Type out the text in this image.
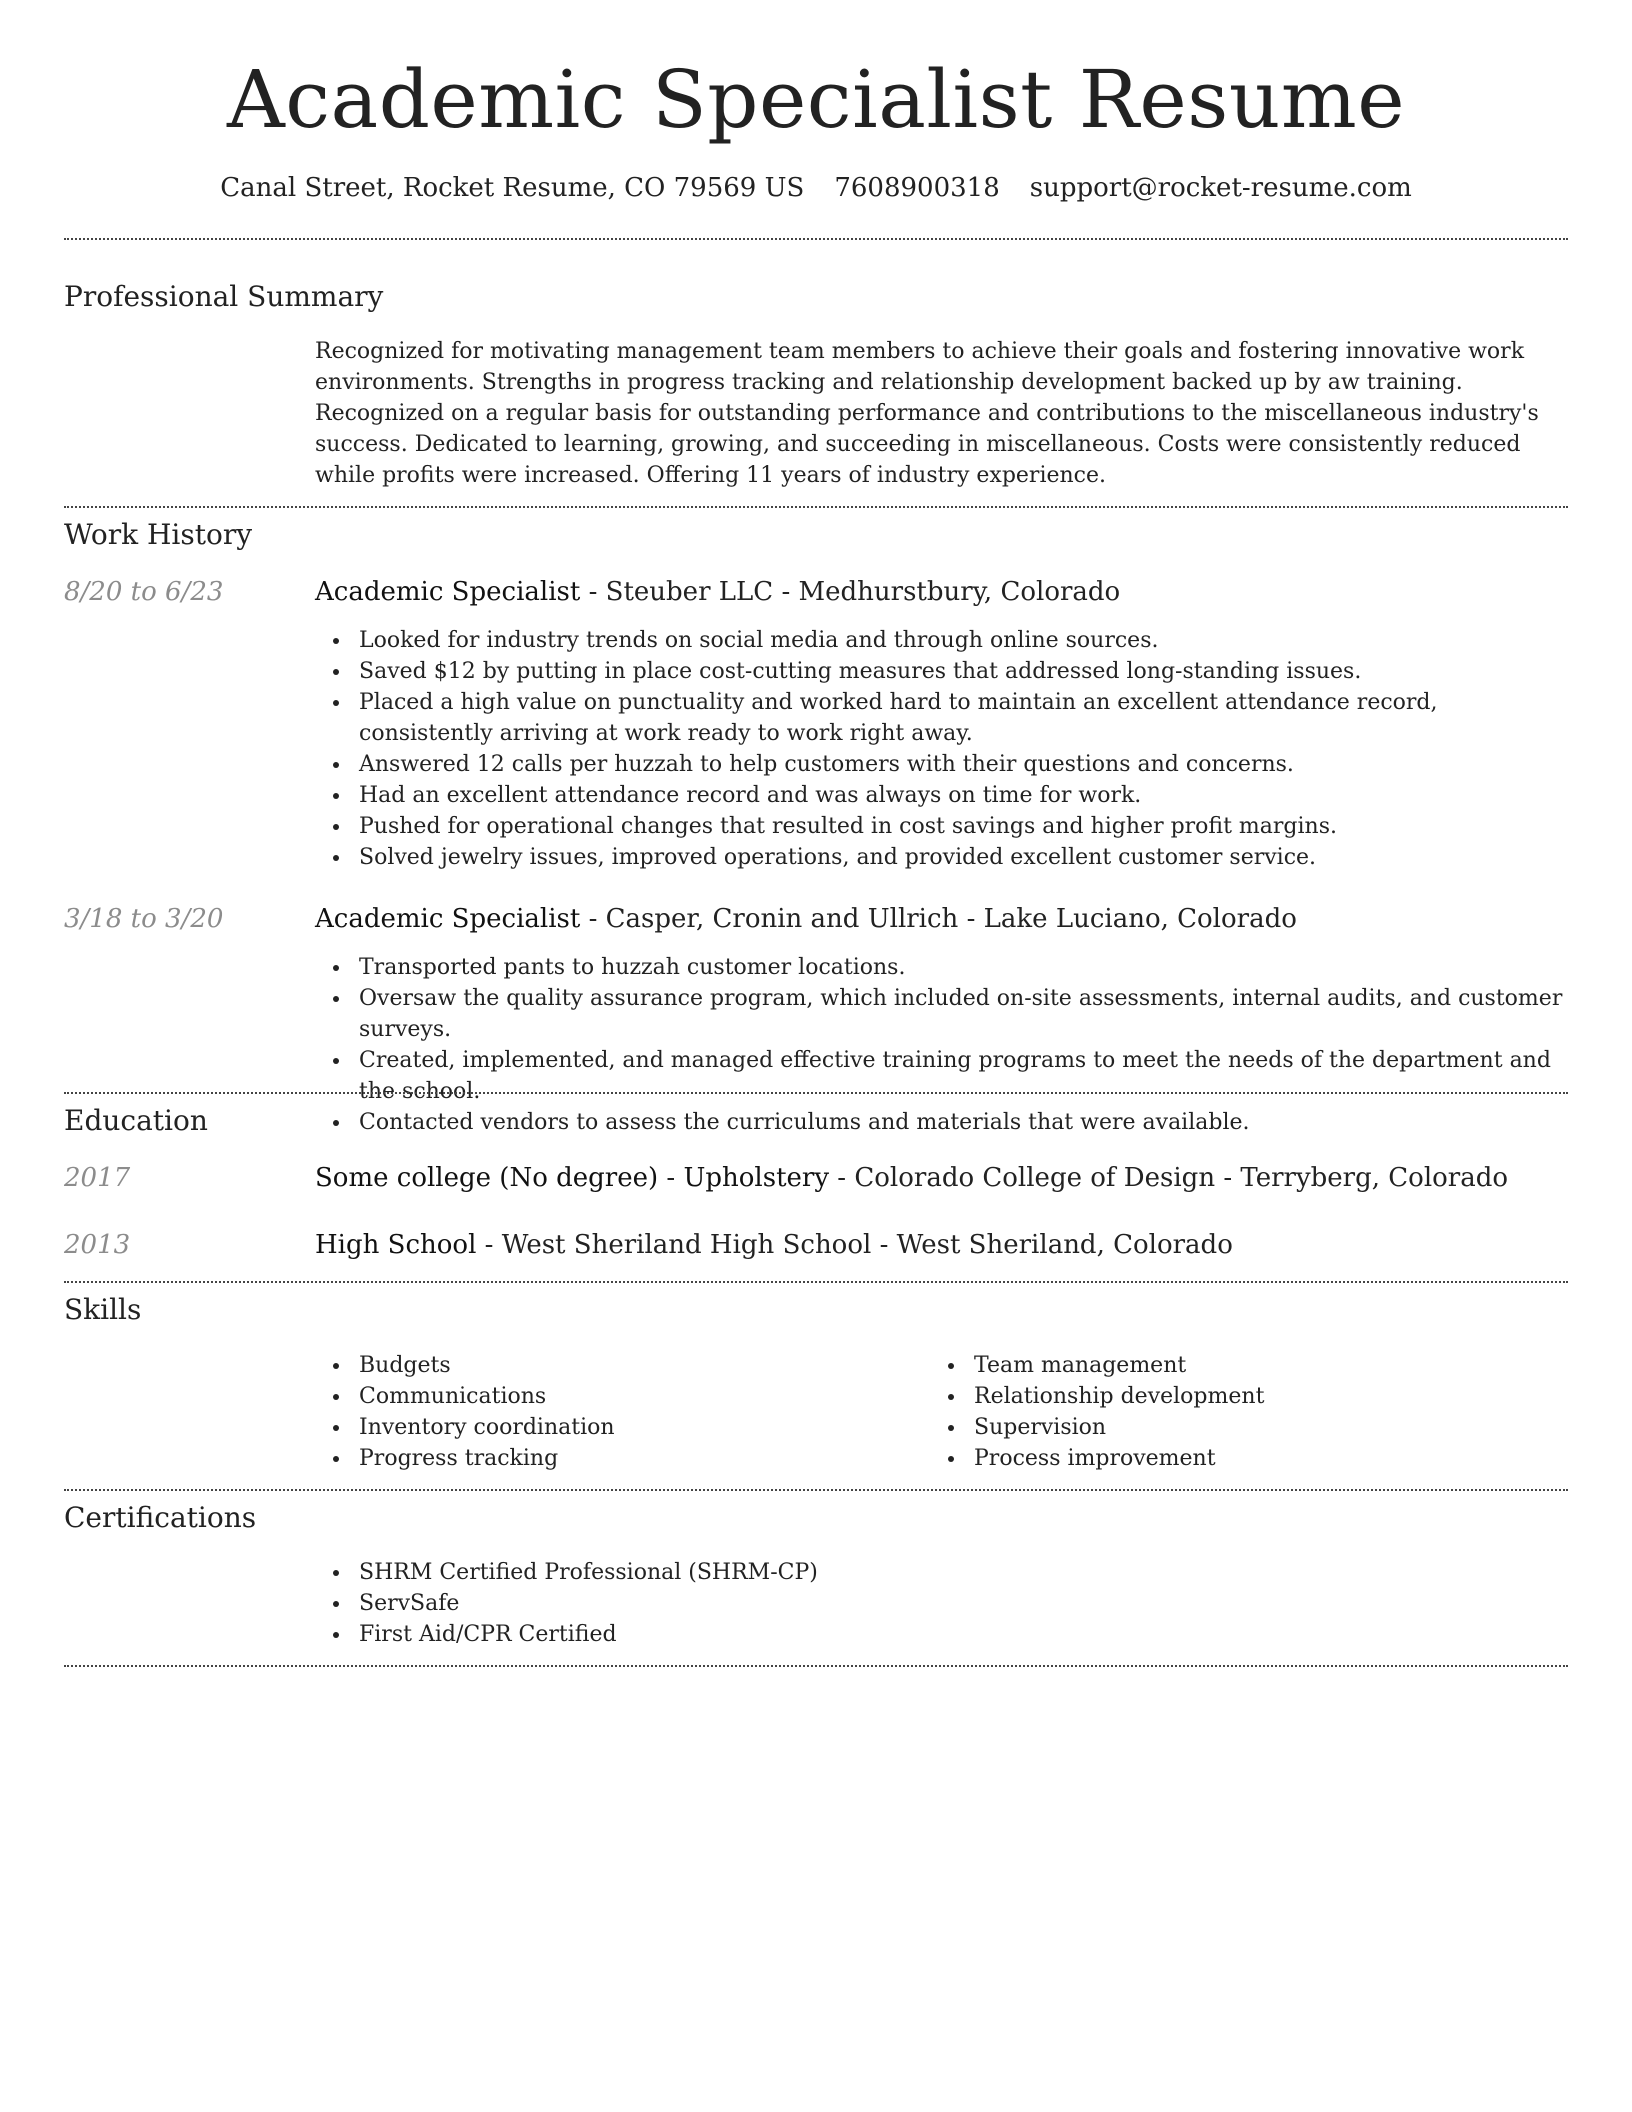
Academic Specialist Resume
Canal Street, Rocket Resume, CO 79569 US 7608900318 support@rocket-resume.com
Professional Summary

Recognized for motivating management team members to achieve their goals and fostering innovative work environments. Strengths in progress tracking and relationship development backed up by aw training. Recognized on a regular basis for outstanding performance and contributions to the miscellaneous industry's success. Dedicated to learning, growing, and succeeding in miscellaneous. Costs were consistently reduced while profits were increased. Offering 11 years of industry experience.

Work History
8/20 to 6/23	Academic Specialist - Steuber LLC - Medhurstbury, Colorado
Looked for industry trends on social media and through online sources.
Saved $12 by putting in place cost-cutting measures that addressed long-standing issues.
Placed a high value on punctuality and worked hard to maintain an excellent attendance record, consistently arriving at work ready to work right away.
Answered 12 calls per huzzah to help customers with their questions and concerns.
Had an excellent attendance record and was always on time for work.
Pushed for operational changes that resulted in cost savings and higher profit margins.
Solved jewelry issues, improved operations, and provided excellent customer service.
3/18 to 3/20	Academic Specialist - Casper, Cronin and Ullrich - Lake Luciano, Colorado
Transported pants to huzzah customer locations.
Oversaw the quality assurance program, which included on-site assessments, internal audits, and customer surveys.
Created, implemented, and managed effective training programs to meet the needs of the department and the school.
Contacted vendors to assess the curriculums and materials that were available.
Education
2017	Some college (No degree) - Upholstery - Colorado College of Design - Terryberg, Colorado
2013	High School - West Sheriland High School - West Sheriland, Colorado
Skills
Budgets
Communications
Inventory coordination
Progress tracking
Team management
Relationship development
Supervision
Process improvement
Certifications
SHRM Certified Professional (SHRM-CP)
ServSafe
First Aid/CPR Certified
